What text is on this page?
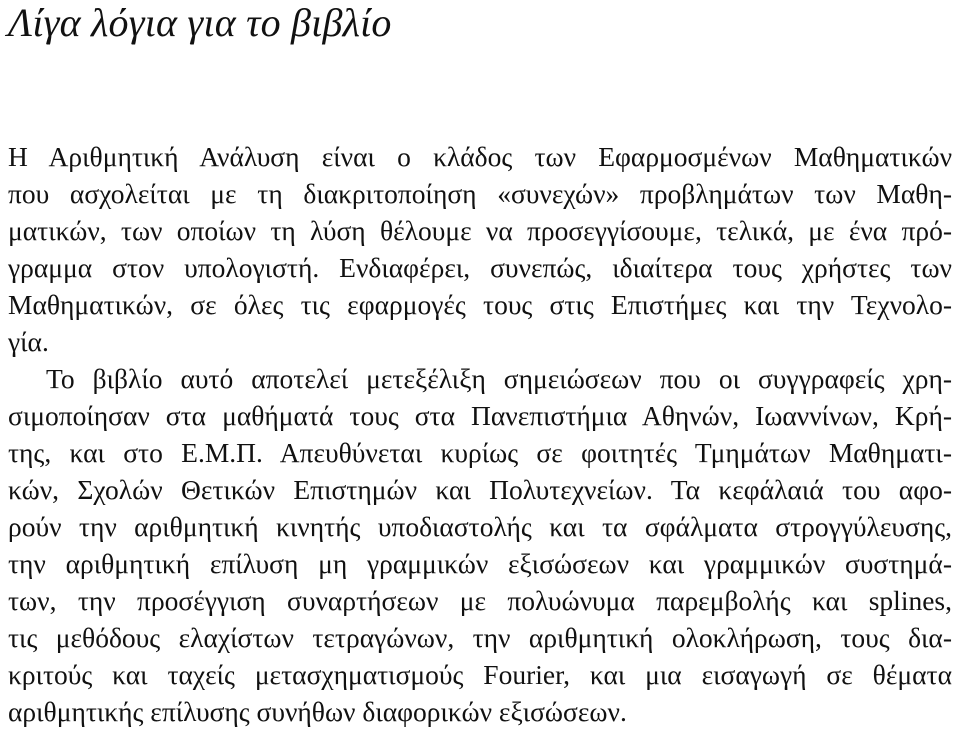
Λίγα λόγια για το βιβλίο
Η Αριθμητική Ανάλυση είναι ο κλάδος των Εφαρμοσμένων Μαθηματικών
που ασχολείται με τη διακριτοποίηση «συνεχών» προβλημάτων των Μαθη-
ματικών, των οποίων τη λύση θέλουμε να προσεγγίσουμε, τελικά, με ένα πρό-
γραμμα στον υπολογιστή. Ενδιαφέρει, συνεπώς, ιδιαίτερα τους χρήστες των
Μαθηματικών, σε όλες τις εφαρμογές τους στις Επιστήμες και την Τεχνολο-
γία.
Το βιβλίο αυτό αποτελεί μετεξέλιξη σημειώσεων που οι συγγραφείς χρη-
σιμοποίησαν στα μαθήματά τους στα Πανεπιστήμια Αθηνών, Ιωαννίνων, Κρή-
της, και στο Ε.Μ.Π. Απευθύνεται κυρίως σε φοιτητές Τμημάτων Μαθηματι-
κών, Σχολών Θετικών Επιστημών και Πολυτεχνείων. Τα κεφάλαιά του αφο-
ρούν την αριθμητική κινητής υποδιαστολής και τα σφάλματα στρογγύλευσης,
την αριθμητική επίλυση μη γραμμικών εξισώσεων και γραμμικών συστημά-
των, την προσέγγιση συναρτήσεων με πολυώνυμα παρεμβολής και splines,
τις μεθόδους ελαχίστων τετραγώνων, την αριθμητική ολοκλήρωση, τους δια-
κριτούς και ταχείς μετασχηματισμούς Fourier, και μια εισαγωγή σε θέματα
αριθμητικής επίλυσης συνήθων διαφορικών εξισώσεων.
